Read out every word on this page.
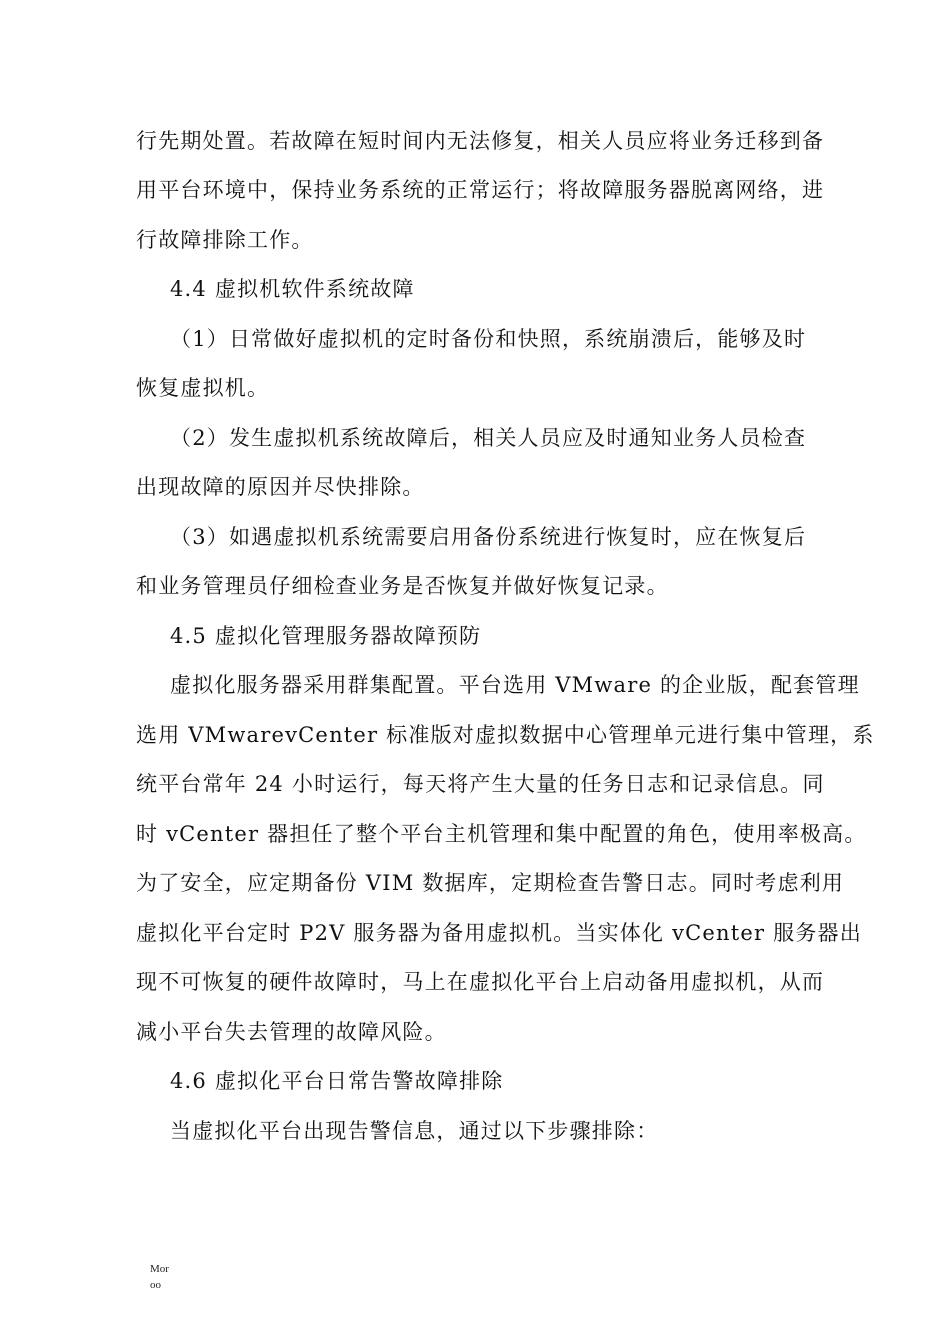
行先期处置。若故障在短时间内无法修复，相关人员应将业务迁移到备
用平台环境中，保持业务系统的正常运行；将故障服务器脱离网络，进
行故障排除工作。
4.4 虚拟机软件系统故障
（1）日常做好虚拟机的定时备份和快照，系统崩溃后，能够及时
恢复虚拟机。
（2）发生虚拟机系统故障后，相关人员应及时通知业务人员检查
出现故障的原因并尽快排除。
（3）如遇虚拟机系统需要启用备份系统进行恢复时，应在恢复后
和业务管理员仔细检查业务是否恢复并做好恢复记录。
4.5 虚拟化管理服务器故障预防
虚拟化服务器采用群集配置。平台选用 VMware 的企业版，配套管理
选用 VMwarevCenter 标准版对虚拟数据中心管理单元进行集中管理，系
统平台常年 24 小时运行，每天将产生大量的任务日志和记录信息。同
时 vCenter 器担任了整个平台主机管理和集中配置的角色，使用率极高。
为了安全，应定期备份 VIM 数据库，定期检查告警日志。同时考虑利用
虚拟化平台定时 P2V 服务器为备用虚拟机。当实体化 vCenter 服务器出
现不可恢复的硬件故障时，马上在虚拟化平台上启动备用虚拟机，从而
减小平台失去管理的故障风险。
4.6 虚拟化平台日常告警故障排除
当虚拟化平台出现告警信息，通过以下步骤排除：
Mor
oo
